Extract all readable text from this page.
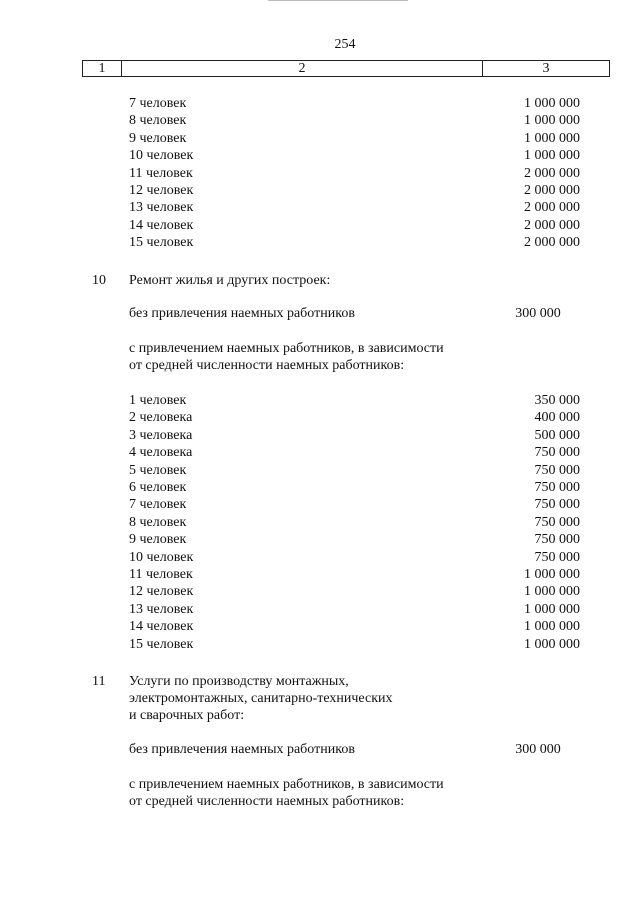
254
1	2	3
7 человек	1 000 000
8 человек	1 000 000
9 человек	1 000 000
10 человек	1 000 000
11 человек	2 000 000
12 человек	2 000 000
13 человек	2 000 000
14 человек	2 000 000
15 человек	2 000 000
10 Ремонт жилья и других построек:
без привлечения наемных работников	300 000
с привлечением наемных работников, в зависимости
от средней численности наемных работников:
1 человек	350 000
2 человека	400 000
3 человека	500 000
4 человека	750 000
5 человек	750 000
6 человек	750 000
7 человек	750 000
8 человек	750 000
9 человек	750 000
10 человек	750 000
11 человек	1 000 000
12 человек	1 000 000
13 человек	1 000 000
14 человек	1 000 000
15 человек	1 000 000
11 Услуги по производству монтажных,
электромонтажных, санитарно-технических
и сварочных работ:
без привлечения наемных работников	300 000
с привлечением наемных работников, в зависимости
от средней численности наемных работников:
